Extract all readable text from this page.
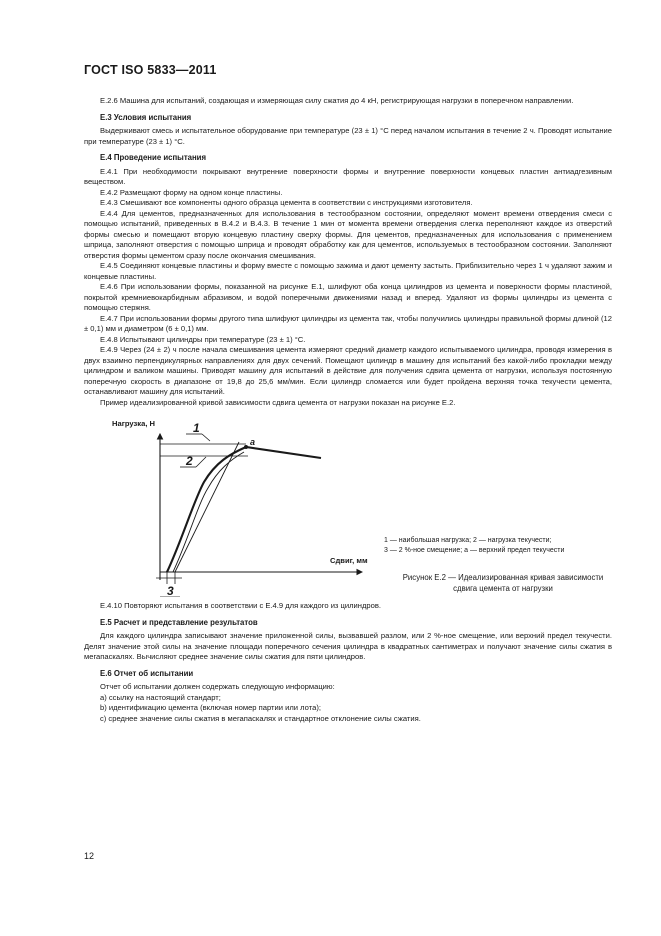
ГОСТ ISO 5833—2011

Е.2.6 Машина для испытаний, создающая и измеряющая силу сжатия до 4 кН, регистрирующая нагрузки в поперечном направлении.

Е.3 Условия испытания

Выдерживают смесь и испытательное оборудование при температуре (23 ± 1) °С перед началом испытания в течение 2 ч. Проводят испытание при температуре (23 ± 1) °С.

Е.4 Проведение испытания

Е.4.1 При необходимости покрывают внутренние поверхности формы и внутренние поверхности концевых пластин антиадгезивным веществом.

Е.4.2 Размещают форму на одном конце пластины.

Е.4.3 Смешивают все компоненты одного образца цемента в соответствии с инструкциями изготовителя.

Е.4.4 Для цементов, предназначенных для использования в тестообразном состоянии, определяют момент времени отвердения смеси с помощью испытаний, приведенных в В.4.2 и В.4.3. В течение 1 мин от момента времени отвердения слегка переполняют каждое из отверстий формы смесью и помещают вторую концевую пластину сверху формы. Для цементов, предназначенных для использования с применением шприца, заполняют отверстия с помощью шприца и проводят обработку как для цементов, используемых в тестообразном состоянии. Заполняют отверстия формы цементом сразу после окончания смешивания.

Е.4.5 Соединяют концевые пластины и форму вместе с помощью зажима и дают цементу застыть. Приблизительно через 1 ч удаляют зажим и концевые пластины.

Е.4.6 При использовании формы, показанной на рисунке Е.1, шлифуют оба конца цилиндров из цемента и поверхности формы пластиной, покрытой кремниевокарбидным абразивом, и водой поперечными движениями назад и вперед. Удаляют из формы цилиндры из цемента с помощью стержня.

Е.4.7 При использовании формы другого типа шлифуют цилиндры из цемента так, чтобы получились цилиндры правильной формы длиной (12 ± 0,1) мм и диаметром (6 ± 0,1) мм.

Е.4.8 Испытывают цилиндры при температуре (23 ± 1) °С.

Е.4.9 Через (24 ± 2) ч после начала смешивания цемента измеряют средний диаметр каждого испытываемого цилиндра, проводя измерения в двух взаимно перпендикулярных направлениях для двух сечений. Помещают цилиндр в машину для испытаний без какой-либо прокладки между цилиндром и валиком машины. Приводят машину для испытаний в действие для получения сдвига цемента от нагрузки, используя постоянную поперечную скорость в диапазоне от 19,8 до 25,6 мм/мин. Если цилиндр сломается или будет пройдена верхняя точка текучести цемента, останавливают машину для испытаний.

Пример идеализированной кривой зависимости сдвига цемента от нагрузки показан на рисунке Е.2.

a
1
2
3
Нагрузка, Н
Сдвиг, мм
1 — наибольшая нагрузка; 2 — нагрузка текучести;
3 — 2 %-ное смещение; a — верхний предел текучести
Рисунок Е.2 — Идеализированная кривая зависимости сдвига цемента от нагрузки

Е.4.10 Повторяют испытания в соответствии с Е.4.9 для каждого из цилиндров.

Е.5 Расчет и представление результатов

Для каждого цилиндра записывают значение приложенной силы, вызвавшей разлом, или 2 %-ное смещение, или верхний предел текучести. Делят значение этой силы на значение площади поперечного сечения цилиндра в квадратных сантиметрах и получают значение силы сжатия в мегапаскалях. Вычисляют среднее значение силы сжатия для пяти цилиндров.

Е.6 Отчет об испытании

Отчет об испытании должен содержать следующую информацию:

a) ссылку на настоящий стандарт;

b) идентификацию цемента (включая номер партии или лота);

c) среднее значение силы сжатия в мегапаскалях и стандартное отклонение силы сжатия.

12
